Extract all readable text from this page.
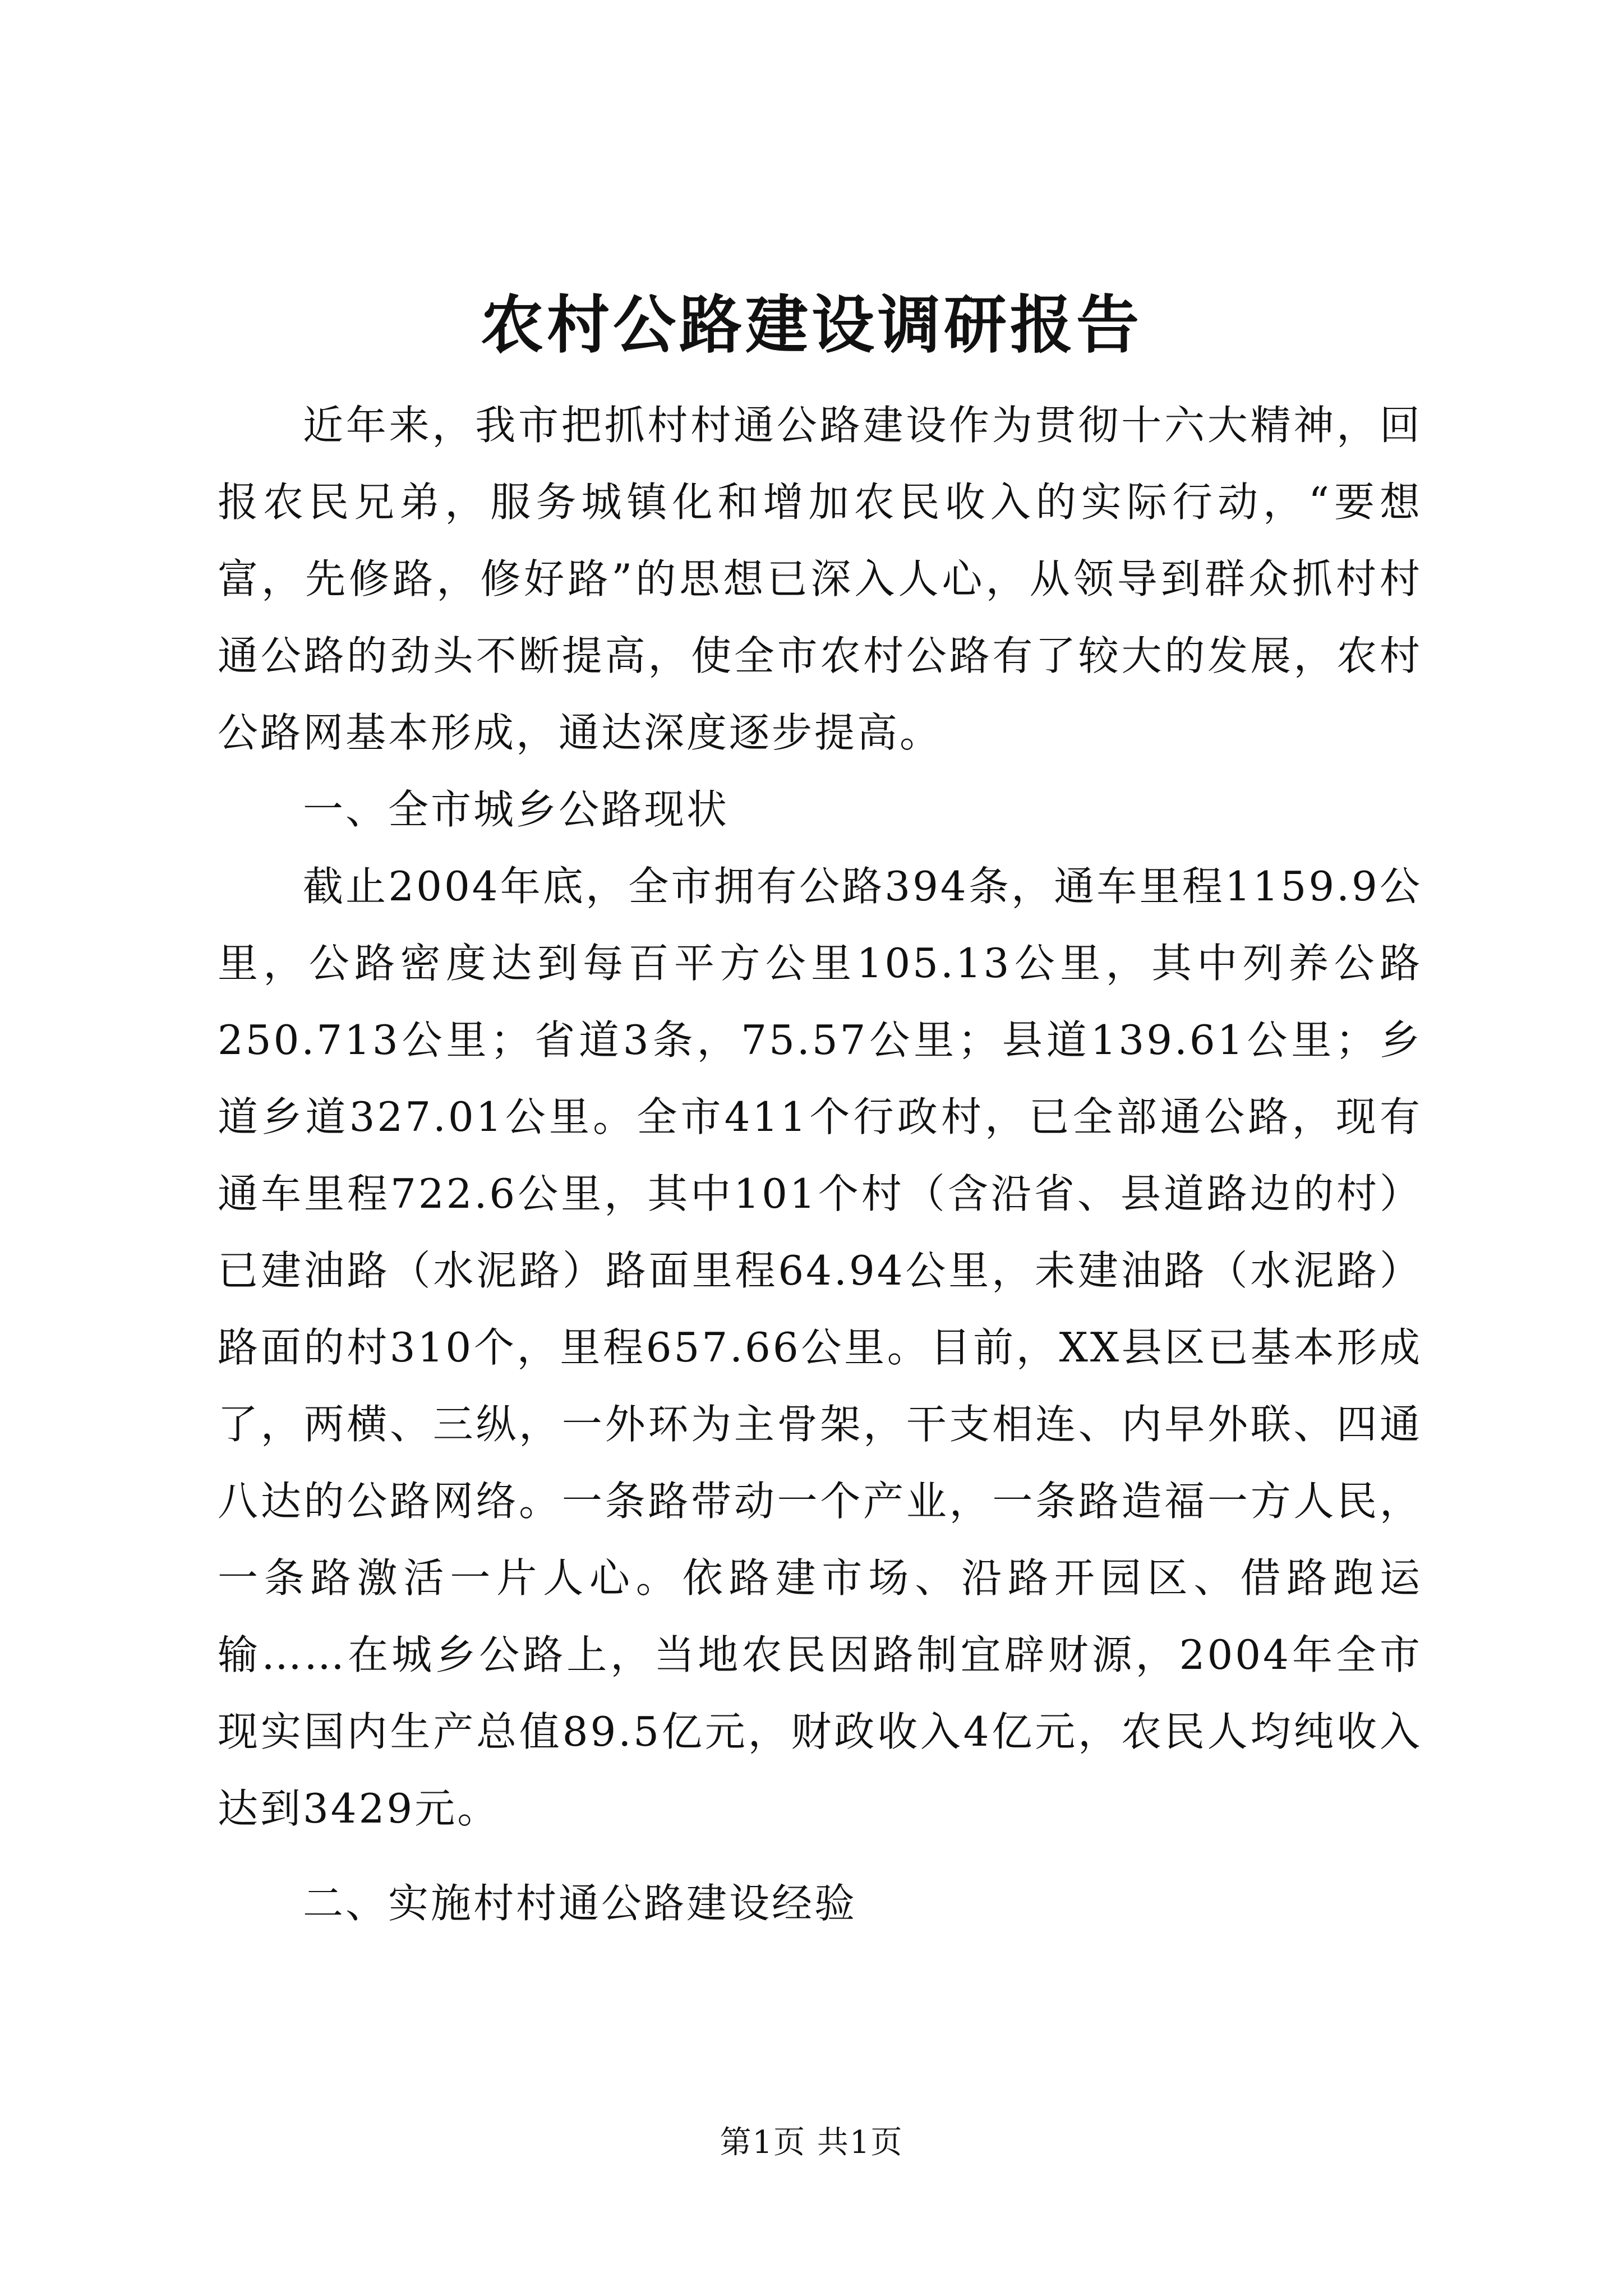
农村公路建设调研报告

近年来，我市把抓村村通公路建设作为贯彻十六大精神，回报农民兄弟，服务城镇化和增加农民收入的实际行动，“要想富，先修路，修好路”的思想已深入人心，从领导到群众抓村村通公路的劲头不断提高，使全市农村公路有了较大的发展，农村公路网基本形成，通达深度逐步提高。

一、全市城乡公路现状

截止2004年底，全市拥有公路394条，通车里程1159.9公里，公路密度达到每百平方公里105.13公里，其中列养公路250.713公里；省道3条，75.57公里；县道139.61公里；乡道乡道327.01公里。全市411个行政村，已全部通公路，现有通车里程722.6公里，其中101个村（含沿省、县道路边的村）已建油路（水泥路）路面里程64.94公里，未建油路（水泥路）路面的村310个，里程657.66公里。目前，XX县区已基本形成了，两横、三纵，一外环为主骨架，干支相连、内早外联、四通八达的公路网络。一条路带动一个产业，一条路造福一方人民，一条路激活一片人心。依路建市场、沿路开园区、借路跑运输……在城乡公路上，当地农民因路制宜辟财源，2004年全市现实国内生产总值89.5亿元，财政收入4亿元，农民人均纯收入达到3429元。

二、实施村村通公路建设经验

第1页 共1页
